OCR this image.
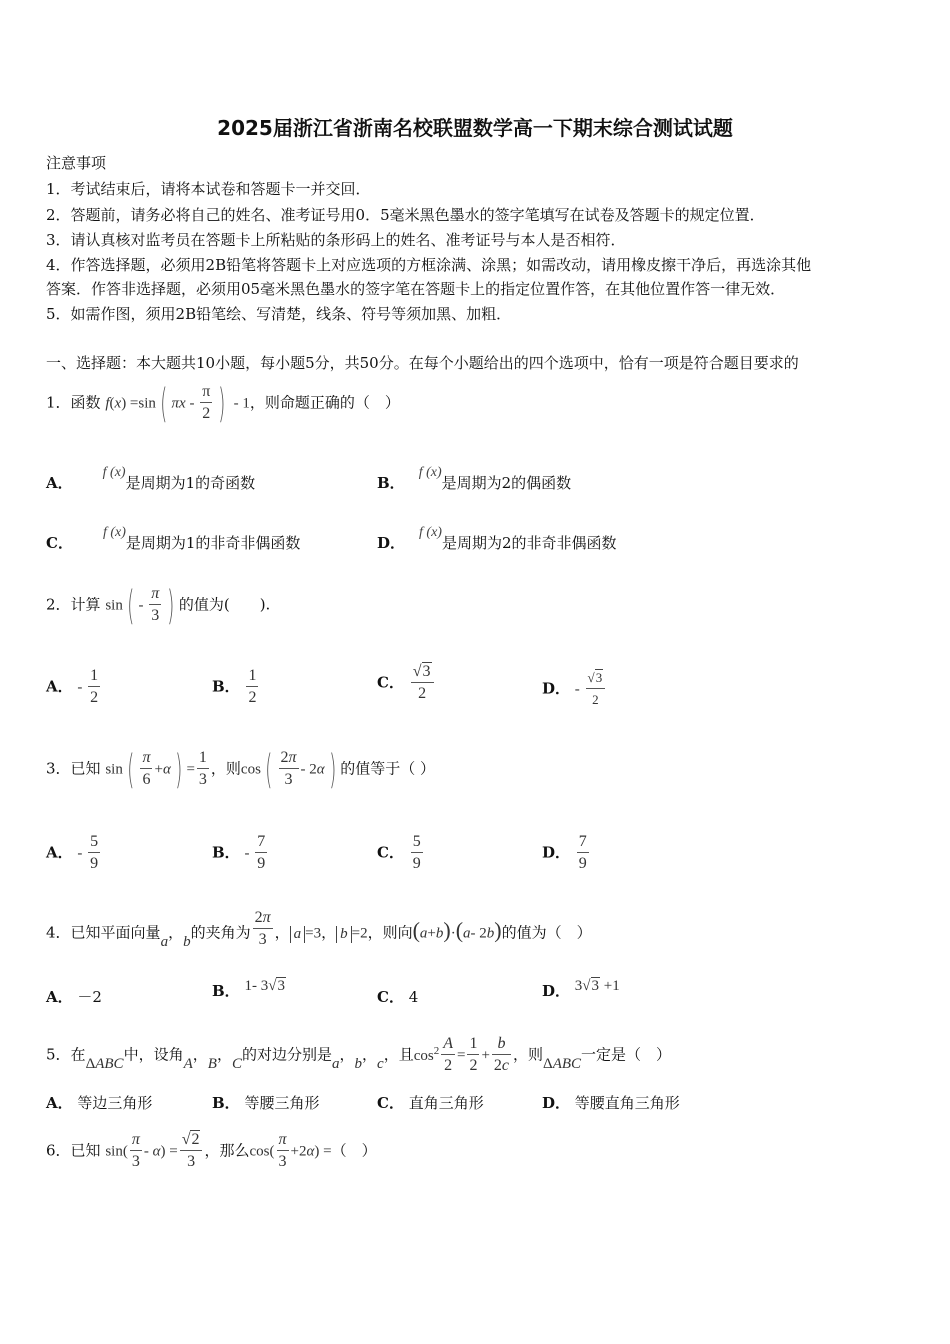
2025届浙江省浙南名校联盟数学高一下期末综合测试试题
注意事项
1．考试结束后，请将本试卷和答题卡一并交回．
2．答题前，请务必将自己的姓名、准考证号用0．5毫米黑色墨水的签字笔填写在试卷及答题卡的规定位置．
3．请认真核对监考员在答题卡上所粘贴的条形码上的姓名、准考证号与本人是否相符．
4．作答选择题，必须用2B铅笔将答题卡上对应选项的方框涂满、涂黑；如需改动，请用橡皮擦干净后，再选涂其他
答案．作答非选择题，必须用05毫米黑色墨水的签字笔在答题卡上的指定位置作答，在其他位置作答一律无效．
5．如需作图，须用2B铅笔绘、写清楚，线条、符号等须加黑、加粗．
一、选择题：本大题共10小题，每小题5分，共50分。在每个小题给出的四个选项中，恰有一项是符合题目要求的
1．函数 f(x) =sin ( πx - $\frac{\pi}{2}$ ) - 1，则命题正确的（　）
A．f (x)是周期为1的奇函数	B．f (x)是周期为2的偶函数
C．f (x)是周期为1的非奇非偶函数	D．f (x)是周期为2的非奇非偶函数
2．计算 sin ( - $\frac{\pi}{3}$ ) 的值为(　　).
A． - $\frac{1}{2}$	B． $\frac{1}{2}$	C． $\frac{√3}{2}$	D． - $\frac{√3}{2}$
3．已知 sin ( $\frac{\pi}{6} +\alpha$ ) = $\frac{1}{3}$ ，则cos ( $\frac{2\pi}{3} - 2\alpha$ ) 的值等于（ ）
A． - $\frac{5}{9}$	B． - $\frac{7}{9}$	C． $\frac{5}{9}$	D． $\frac{7}{9}$
4．已知平面向量a，b的夹角为 $\frac{2\pi}{3}$ ， a =3， b =2，则向(a+b)·(a- 2b)的值为（　）
A． －2	B． 1- 3√3
C． 4	D． 3√3 +1
5．在ΔABC中，设角A，B，C的对边分别是a，b，c，且$\cos^2 \frac{A}{2} = \frac{1}{2} + \frac{b}{2c}$ ，则ΔABC一定是（　）
A． 等边三角形	B． 等腰三角形	C． 直角三角形	D． 等腰直角三角形
6．已知 $\sin( \frac{\pi}{3} - \alpha) = \frac{√2}{3}$ ，那么$\cos( \frac{\pi}{3} +2\alpha)$ =（　）
